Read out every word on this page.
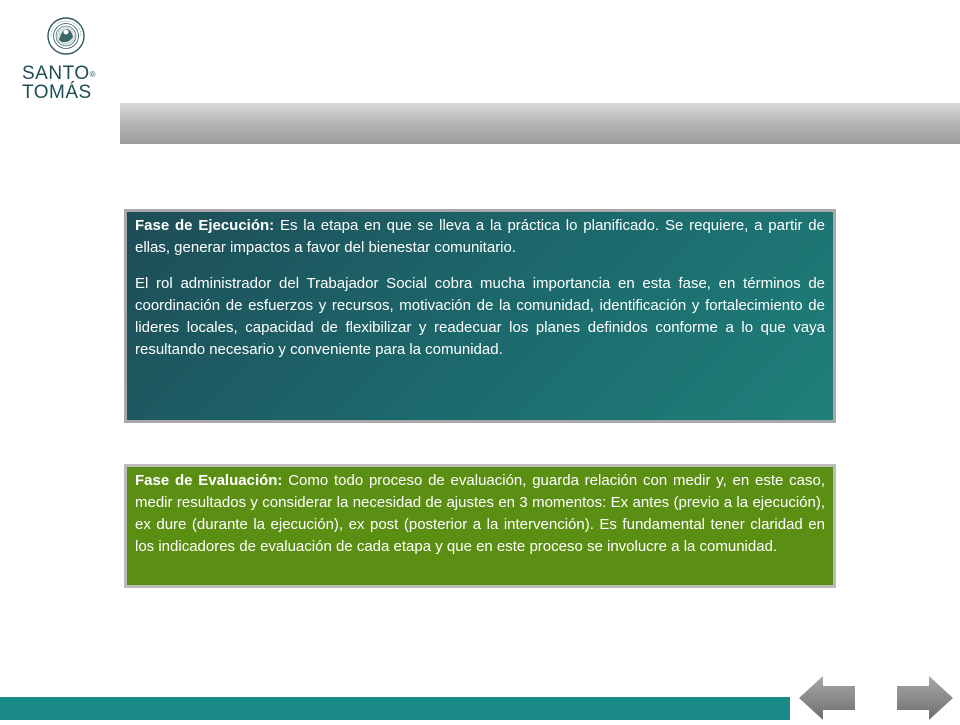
SANTO®
TOMÁS

Fase de Ejecución: Es la etapa en que se lleva a la práctica lo planificado. Se requiere, a partir de ellas, generar impactos a favor del bienestar comunitario.

El rol administrador del Trabajador Social cobra mucha importancia en esta fase, en términos de coordinación de esfuerzos y recursos, motivación de la comunidad, identificación y fortalecimiento de lideres locales, capacidad de flexibilizar y readecuar los planes definidos conforme a lo que vaya resultando necesario y conveniente para la comunidad.

Fase de Evaluación: Como todo proceso de evaluación, guarda relación con medir y, en este caso, medir resultados y considerar la necesidad de ajustes en 3 momentos: Ex antes (previo a la ejecución), ex dure (durante la ejecución), ex post (posterior a la intervención). Es fundamental tener claridad en los indicadores de evaluación de cada etapa y que en este proceso se involucre a la comunidad.
